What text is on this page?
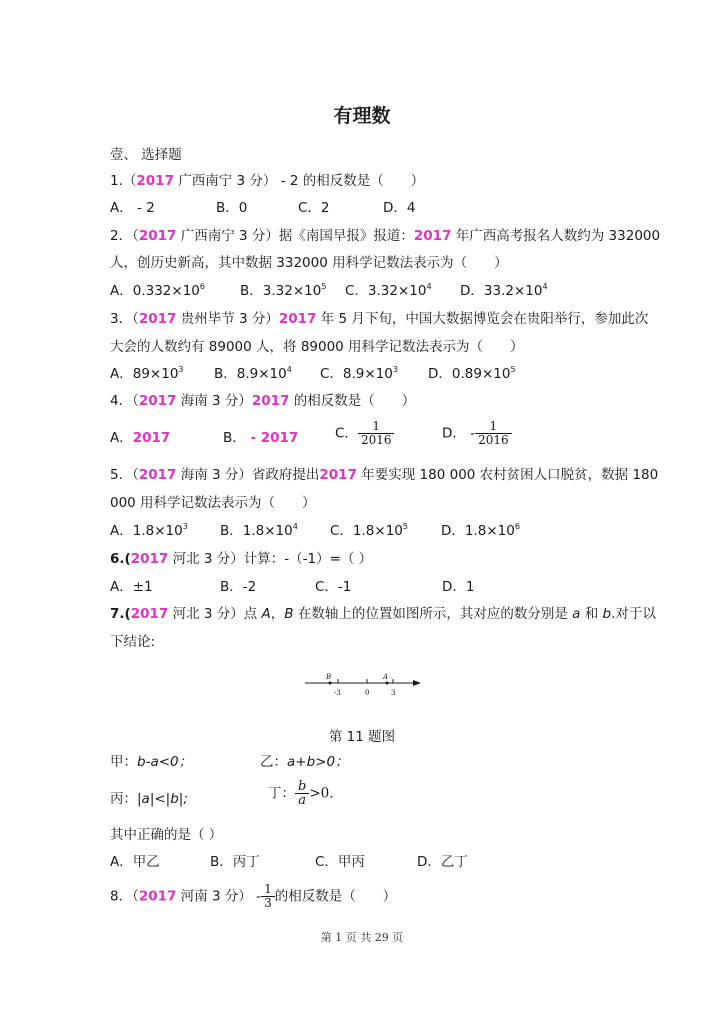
有理数
壹、 选择题
1.（2017 广西南宁 3 分） - 2 的相反数是（　　）
A． - 2	B．0	C．2	D．4
2．（2017 广西南宁 3 分）据《南国早报》报道：2017 年广西高考报名人数约为 332000
人，创历史新高，其中数据 332000 用科学记数法表示为（　　）
A．$0.332\times 10^6$	B．$3.32\times 10^5$ C．$3.32\times 10^4$ D．$33.2\times 10^4$
3．（2017 贵州毕节 3 分）2017 年 5 月下旬，中国大数据博览会在贵阳举行，参加此次
大会的人数约有 89000 人，将 89000 用科学记数法表示为（　　）
A．$89\times 10^3$ B．$8.9\times 10^4$ C．$8.9\times 10^3$ D．$0.89\times 10^5$
4．（2017 海南 3 分）2017 的相反数是（　　）
A．2017	B． - 2017	C． $\frac{1}{2016}$	D． - $\frac{1}{2016}$
5．（2017 海南 3 分）省政府提出2017 年要实现 180 000 农村贫困人口脱贫，数据 180
000 用科学记数法表示为（　　）
A．$1.8\times 10^3$ B．$1.8\times 10^4$ C．$1.8\times 10^5$ D．$1.8\times 10^6$
6.(2017 河北 3 分）计算：-（-1）=（ ）
A．±1	B．-2	C．-1	D．1
7.(2017 河北 3 分）点 A，B 在数轴上的位置如图所示，其对应的数分别是 a 和 b.对于以
下结论:
B	A
-3	0	3
第 11 题图
甲：b-a<0；	乙：a+b>0；
丙：|a|<|b|;	丁： $\frac{b}{a} >0$．
其中正确的是（ ）
A．甲乙	B．丙丁	C．甲丙	D．乙丁
8．（2017 河南 3 分） - $\frac{1}{3}$ 的相反数是（　　）
第 1 页 共 29 页
